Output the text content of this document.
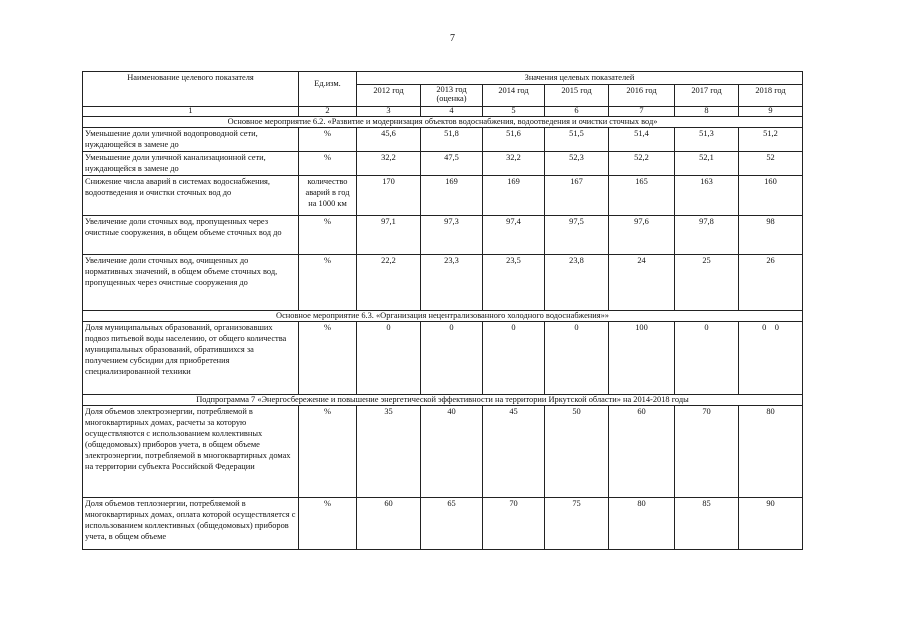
7
Наименование целевого показателя	Ед.изм.	Значения целевых показателей						
		2012 год	2013 год (оценка)	2014 год	2015 год	2016 год	2017 год	2018 год
1	2	3	4	5	6	7	8	9
Основное мероприятие 6.2. «Развитие и модернизация объектов водоснабжения, водоотведения и очистки сточных вод»								
Уменьшение доли уличной водопроводной сети, нуждающейся в замене до	%	45,6	51,8	51,6	51,5	51,4	51,3	51,2
Уменьшение доли уличной канализационной сети, нуждающейся в замене до	%	32,2	47,5	32,2	52,3	52,2	52,1	52
Снижение числа аварий в системах водоснабжения, водоотведения и очистки сточных вод до	количество аварий в год на 1000 км	170	169	169	167	165	163	160
Увеличение доли сточных вод, пропущенных через очистные сооружения, в общем объеме сточных вод до	%	97,1	97,3	97,4	97,5	97,6	97,8	98
Увеличение доли сточных вод, очищенных до нормативных значений, в общем объеме сточных вод, пропущенных через очистные сооружения до	%	22,2	23,3	23,5	23,8	24	25	26
Основное мероприятие 6.3. «Организация нецентрализованного холодного водоснабжения»»								

Доля муниципальных образований, организовавших подвоз питьевой воды населению, от общего количества муниципальных образований, обратившихся за получением субсидии для приобретения специализированной техники	%	0	0	0	0	100	0	0  0
Подпрограмма 7 «Энергосбережение и повышение энергетической эффективности на территории Иркутской области» на 2014-2018 годы								
Доля объемов электроэнергии, потребляемой в многоквартирных домах, расчеты за которую осуществляются с использованием коллективных (общедомовых) приборов учета, в общем объеме электроэнергии, потребляемой в многоквартирных домах на территории субъекта Российской Федерации	%	35	40	45	50	60	70	80

Доля объемов теплоэнергии, потребляемой в многоквартирных домах, оплата которой осуществляется с использованием коллективных (общедомовых) приборов учета, в общем объеме	%	60	65	70	75	80	85	90
